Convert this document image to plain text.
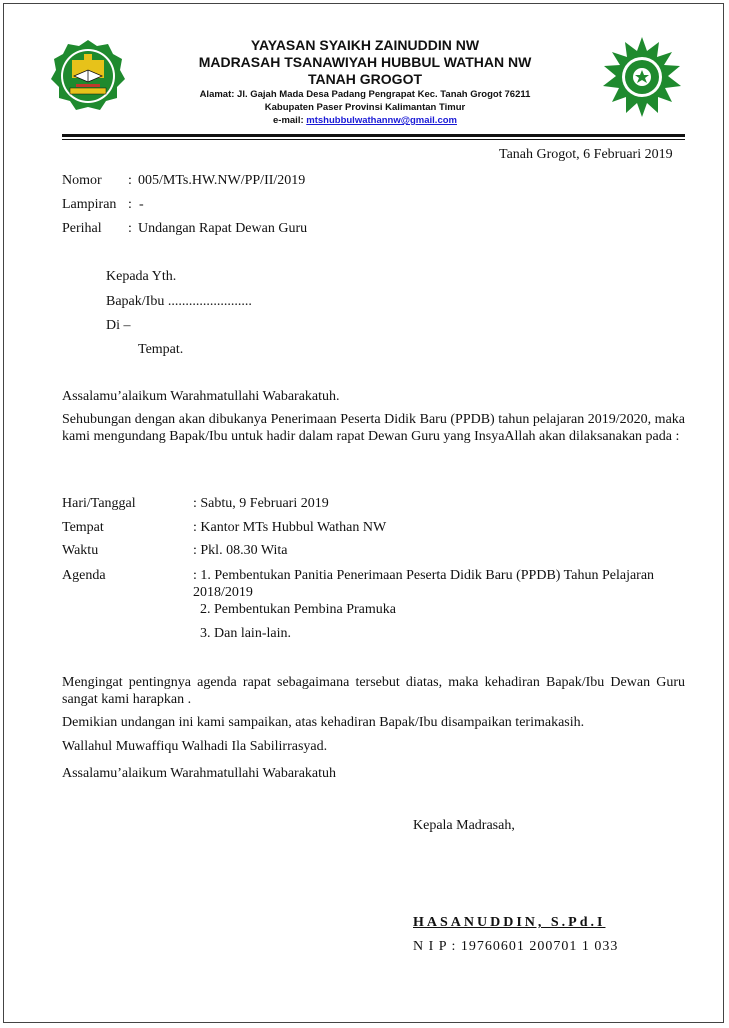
YAYASAN SYAIKH ZAINUDDIN NW
MADRASAH TSANAWIYAH HUBBUL WATHAN NW
TANAH GROGOT
Alamat: Jl. Gajah Mada Desa Padang Pengrapat Kec. Tanah Grogot 76211
Kabupaten Paser Provinsi Kalimantan Timur
e-mail: mtshubbulwathannw@gmail.com
Tanah Grogot, 6 Februari 2019
Nomor : 005/MTs.HW.NW/PP/II/2019
Lampiran : -
Perihal : Undangan Rapat Dewan Guru
Kepada Yth.
Bapak/Ibu ........................
Di –
Tempat.
Assalamu’alaikum Warahmatullahi Wabarakatuh.
Sehubungan dengan akan dibukanya Penerimaan Peserta Didik Baru (PPDB) tahun pelajaran 2019/2020, maka kami mengundang Bapak/Ibu untuk hadir dalam rapat Dewan Guru yang InsyaAllah akan dilaksanakan pada :
Hari/Tanggal	: Sabtu, 9 Februari 2019
Tempat	: Kantor MTs Hubbul Wathan NW
Waktu	: Pkl. 08.30 Wita
Agenda	: 1. Pembentukan Panitia Penerimaan Peserta Didik Baru (PPDB) Tahun Pelajaran
2018/2019
2. Pembentukan Pembina Pramuka
3. Dan lain-lain.
Mengingat pentingnya agenda rapat sebagaimana tersebut diatas, maka kehadiran Bapak/Ibu Dewan Guru sangat kami harapkan .
Demikian undangan ini kami sampaikan, atas kehadiran Bapak/Ibu disampaikan terimakasih.
Wallahul Muwaffiqu Walhadi Ila Sabilirrasyad.
Assalamu’alaikum Warahmatullahi Wabarakatuh
Kepala Madrasah,
HASANUDDIN, S.Pd.I
N I P : 19760601 200701 1 033
